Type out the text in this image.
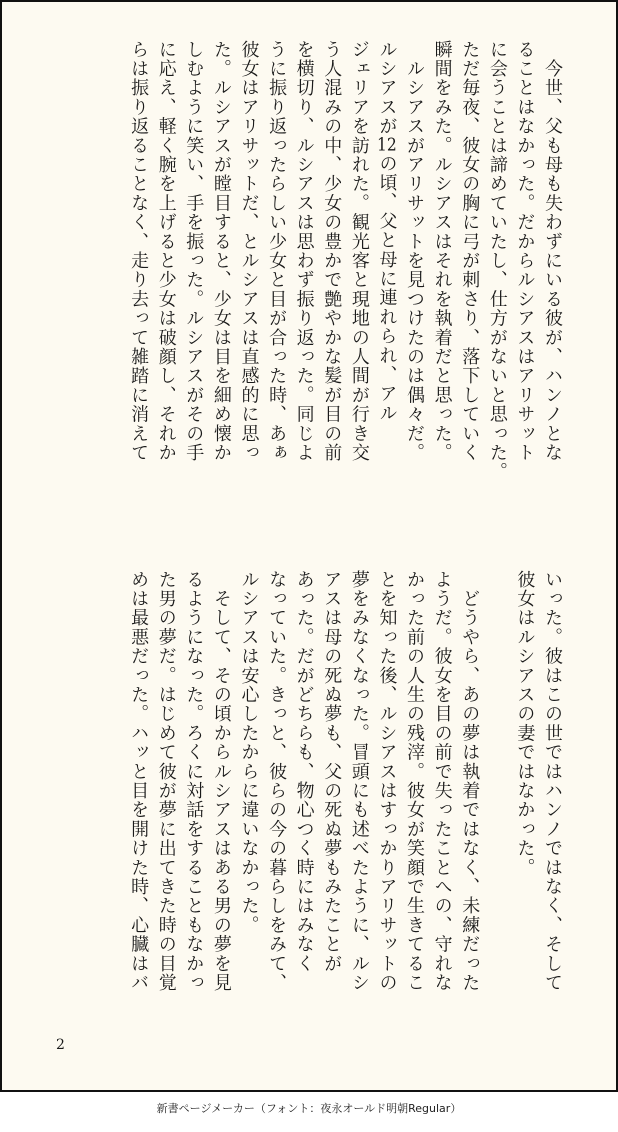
　今世、父も母も失わずにいる彼が、ハンノとな
ることはなかった。だからルシアスはアリサット
に会うことは諦めていたし、仕方がないと思った。
ただ毎夜、彼女の胸に弓が刺さり、落下していく
瞬間をみた。ルシアスはそれを執着だと思った。
　ルシアスがアリサットを見つけたのは偶々だ。
ルシアスが12の頃、父と母に連れられ、アル
ジェリアを訪れた。観光客と現地の人間が行き交
う人混みの中、少女の豊かで艶やかな髪が目の前
を横切り、ルシアスは思わず振り返った。同じよ
うに振り返ったらしい少女と目が合った時、あぁ
彼女はアリサットだ、とルシアスは直感的に思っ
た。ルシアスが瞠目すると、少女は目を細め懐か
しむように笑い、手を振った。ルシアスがその手
に応え、軽く腕を上げると少女は破顔し、それか
らは振り返ることなく、走り去って雑踏に消えて
いった。彼はこの世ではハンノではなく、そして
彼女はルシアスの妻ではなかった。
　どうやら、あの夢は執着ではなく、未練だった
ようだ。彼女を目の前で失ったことへの、守れな
かった前の人生の残滓。彼女が笑顔で生きてるこ
とを知った後、ルシアスはすっかりアリサットの
夢をみなくなった。冒頭にも述べたように、ルシ
アスは母の死ぬ夢も、父の死ぬ夢もみたことが
あった。だがどちらも、物心つく時にはみなく
なっていた。きっと、彼らの今の暮らしをみて、
ルシアスは安心したからに違いなかった。
　そして、その頃からルシアスはある男の夢を見
るようになった。ろくに対話をすることもなかっ
た男の夢だ。はじめて彼が夢に出てきた時の目覚
めは最悪だった。ハッと目を開けた時、心臓はバ
2
新書ページメーカー（フォント：夜永オールド明朝Regular）
